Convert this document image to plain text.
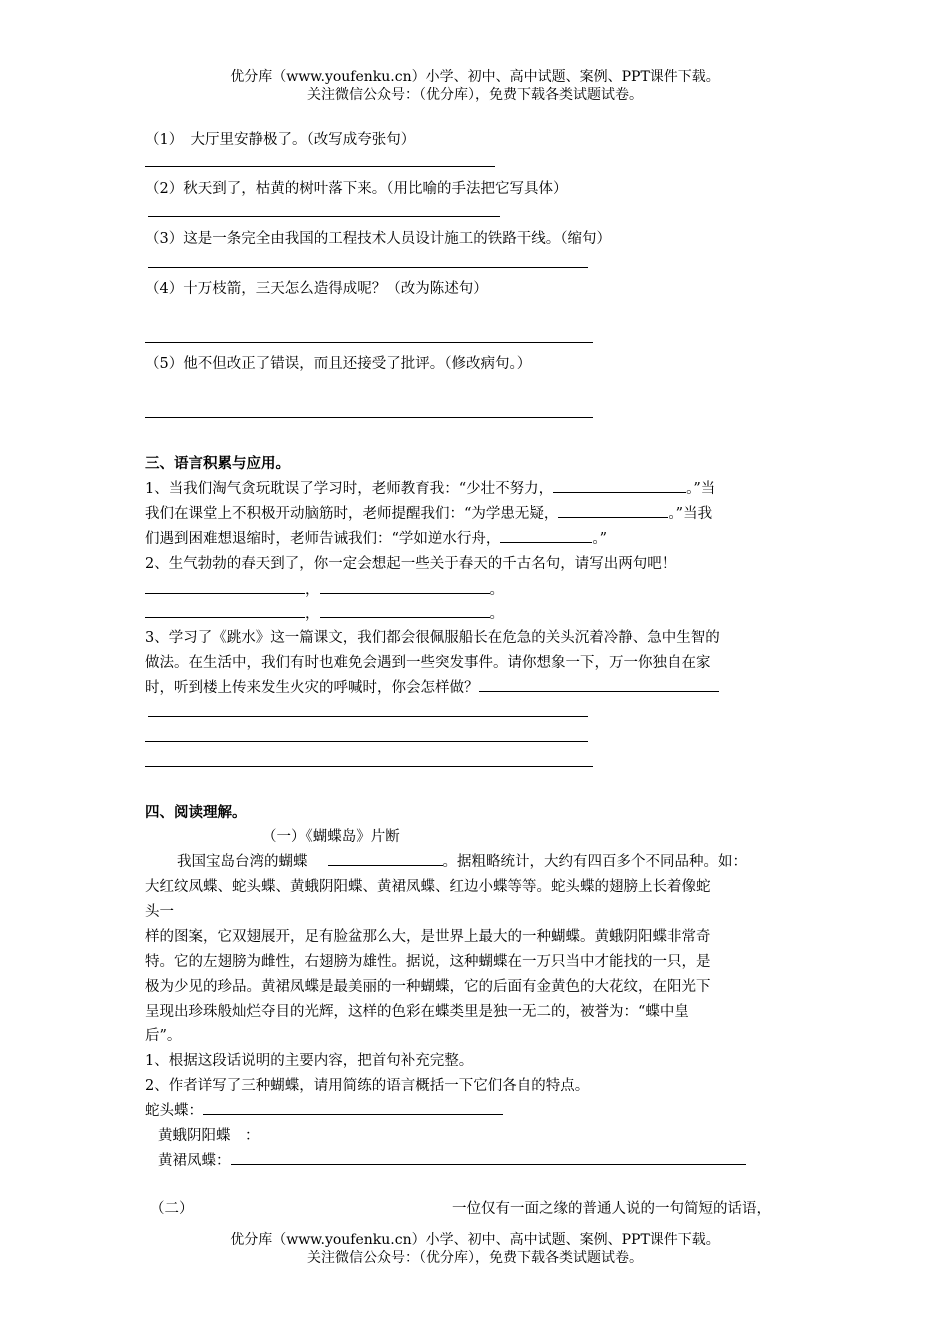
优分库（www.youfenku.cn）小学、初中、高中试题、案例、PPT课件下载。
关注微信公众号：（优分库），免费下载各类试题试卷。
（1）　大厅里安静极了。（改写成夸张句）
（2）秋天到了，枯黄的树叶落下来。（用比喻的手法把它写具体）
（3）这是一条完全由我国的工程技术人员设计施工的铁路干线。（缩句）
（4）十万枝箭，三天怎么造得成呢？（改为陈述句）
（5）他不但改正了错误，而且还接受了批评。（修改病句。）
三、语言积累与应用。
1、当我们淘气贪玩耽误了学习时，老师教育我：“少壮不努力，	。”当
我们在课堂上不积极开动脑筋时，老师提醒我们：“为学患无疑，	。”当我
们遇到困难想退缩时，老师告诫我们：“学如逆水行舟，	。”
2、生气勃勃的春天到了，你一定会想起一些关于春天的千古名句，请写出两句吧！
，	。
，	。
3、学习了《跳水》这一篇课文，我们都会很佩服船长在危急的关头沉着冷静、急中生智的
做法。在生活中，我们有时也难免会遇到一些突发事件。请你想象一下，万一你独自在家
时，听到楼上传来发生火灾的呼喊时，你会怎样做？
四、阅读理解。
（一）《蝴蝶岛》片断
我国宝岛台湾的蝴蝶	。据粗略统计，大约有四百多个不同品种。如：
大红纹凤蝶、蛇头蝶、黄蛾阴阳蝶、黄裙凤蝶、红边小蝶等等。蛇头蝶的翅膀上长着像蛇
头一
样的图案，它双翅展开，足有脸盆那么大，是世界上最大的一种蝴蝶。黄蛾阴阳蝶非常奇
特。它的左翅膀为雌性，右翅膀为雄性。据说，这种蝴蝶在一万只当中才能找的一只，是
极为少见的珍品。黄裙凤蝶是最美丽的一种蝴蝶，它的后面有金黄色的大花纹，在阳光下
呈现出珍珠般灿烂夺目的光辉，这样的色彩在蝶类里是独一无二的，被誉为：“蝶中皇
后”。
1、根据这段话说明的主要内容，把首句补充完整。
2、作者详写了三种蝴蝶，请用简练的语言概括一下它们各自的特点。
蛇头蝶：
黄蛾阴阳蝶　：
黄裙凤蝶：
（二）	一位仅有一面之缘的普通人说的一句简短的话语，
优分库（www.youfenku.cn）小学、初中、高中试题、案例、PPT课件下载。
关注微信公众号：（优分库），免费下载各类试题试卷。
